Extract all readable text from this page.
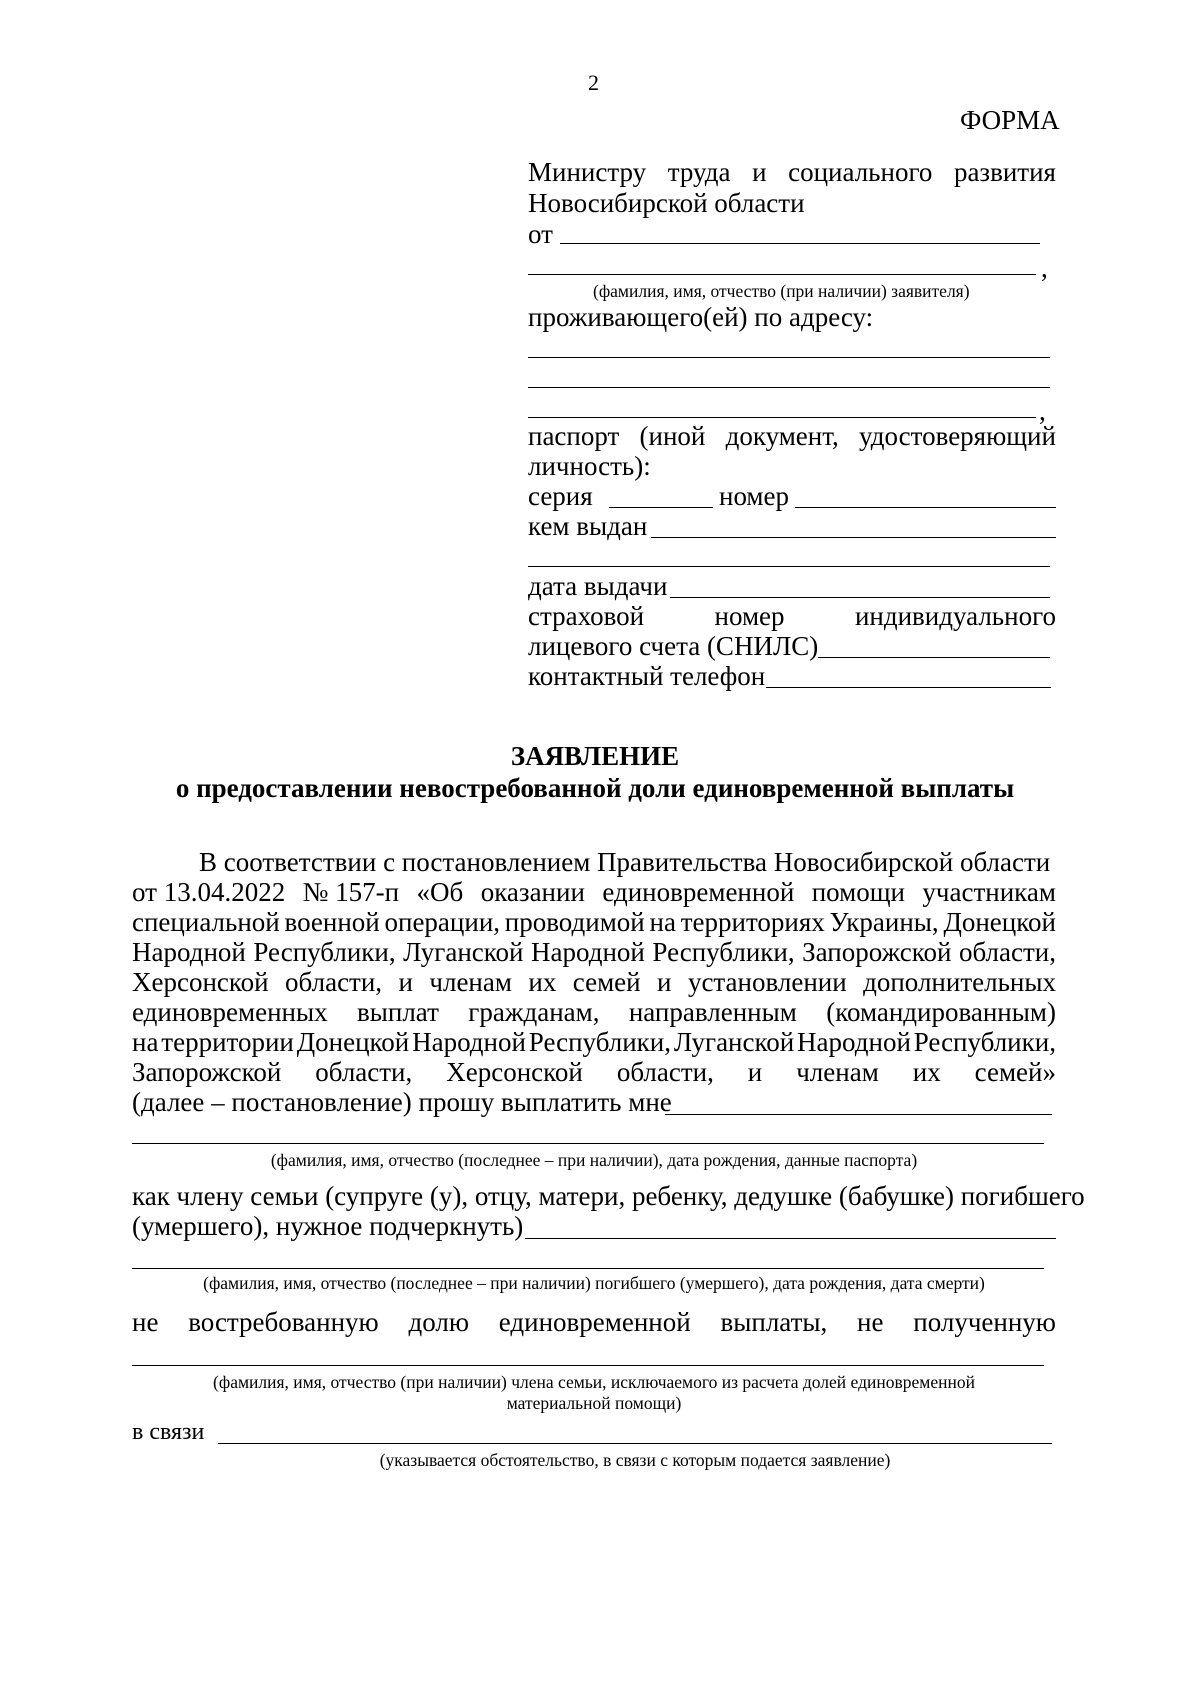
2
ФОРМА
Министру труда и социального развития
Новосибирской области
от
,
(фамилия, имя, отчество (при наличии) заявителя)
проживающего(ей) по адресу:
,
паспорт (иной документ, удостоверяющий
личность):
серия	номер
кем выдан
дата выдачи
страховой	номер	индивидуального
лицевого счета (СНИЛС)
контактный телефон
ЗАЯВЛЕНИЕ
о предоставлении невостребованной доли единовременной выплаты
В соответствии с постановлением Правительства Новосибирской области
от 13.04.2022 № 157-п «Об оказании единовременной помощи участникам
специальной военной операции, проводимой на территориях Украины, Донецкой
Народной Республики, Луганской Народной Республики, Запорожской области,
Херсонской области, и членам их семей и установлении дополнительных
единовременных выплат гражданам, направленным (командированным)
на территории Донецкой Народной Республики, Луганской Народной Республики,
Запорожской области, Херсонской области, и членам их семей»
(далее – постановление) прошу выплатить мне
(фамилия, имя, отчество (последнее – при наличии), дата рождения, данные паспорта)
как члену семьи (супруге (у), отцу, матери, ребенку, дедушке (бабушке) погибшего
(умершего), нужное подчеркнуть)
(фамилия, имя, отчество (последнее – при наличии) погибшего (умершего), дата рождения, дата смерти)
не востребованную долю единовременной выплаты, не полученную
(фамилия, имя, отчество (при наличии) члена семьи, исключаемого из расчета долей единовременной
материальной помощи)
в связи
(указывается обстоятельство, в связи с которым подается заявление)
